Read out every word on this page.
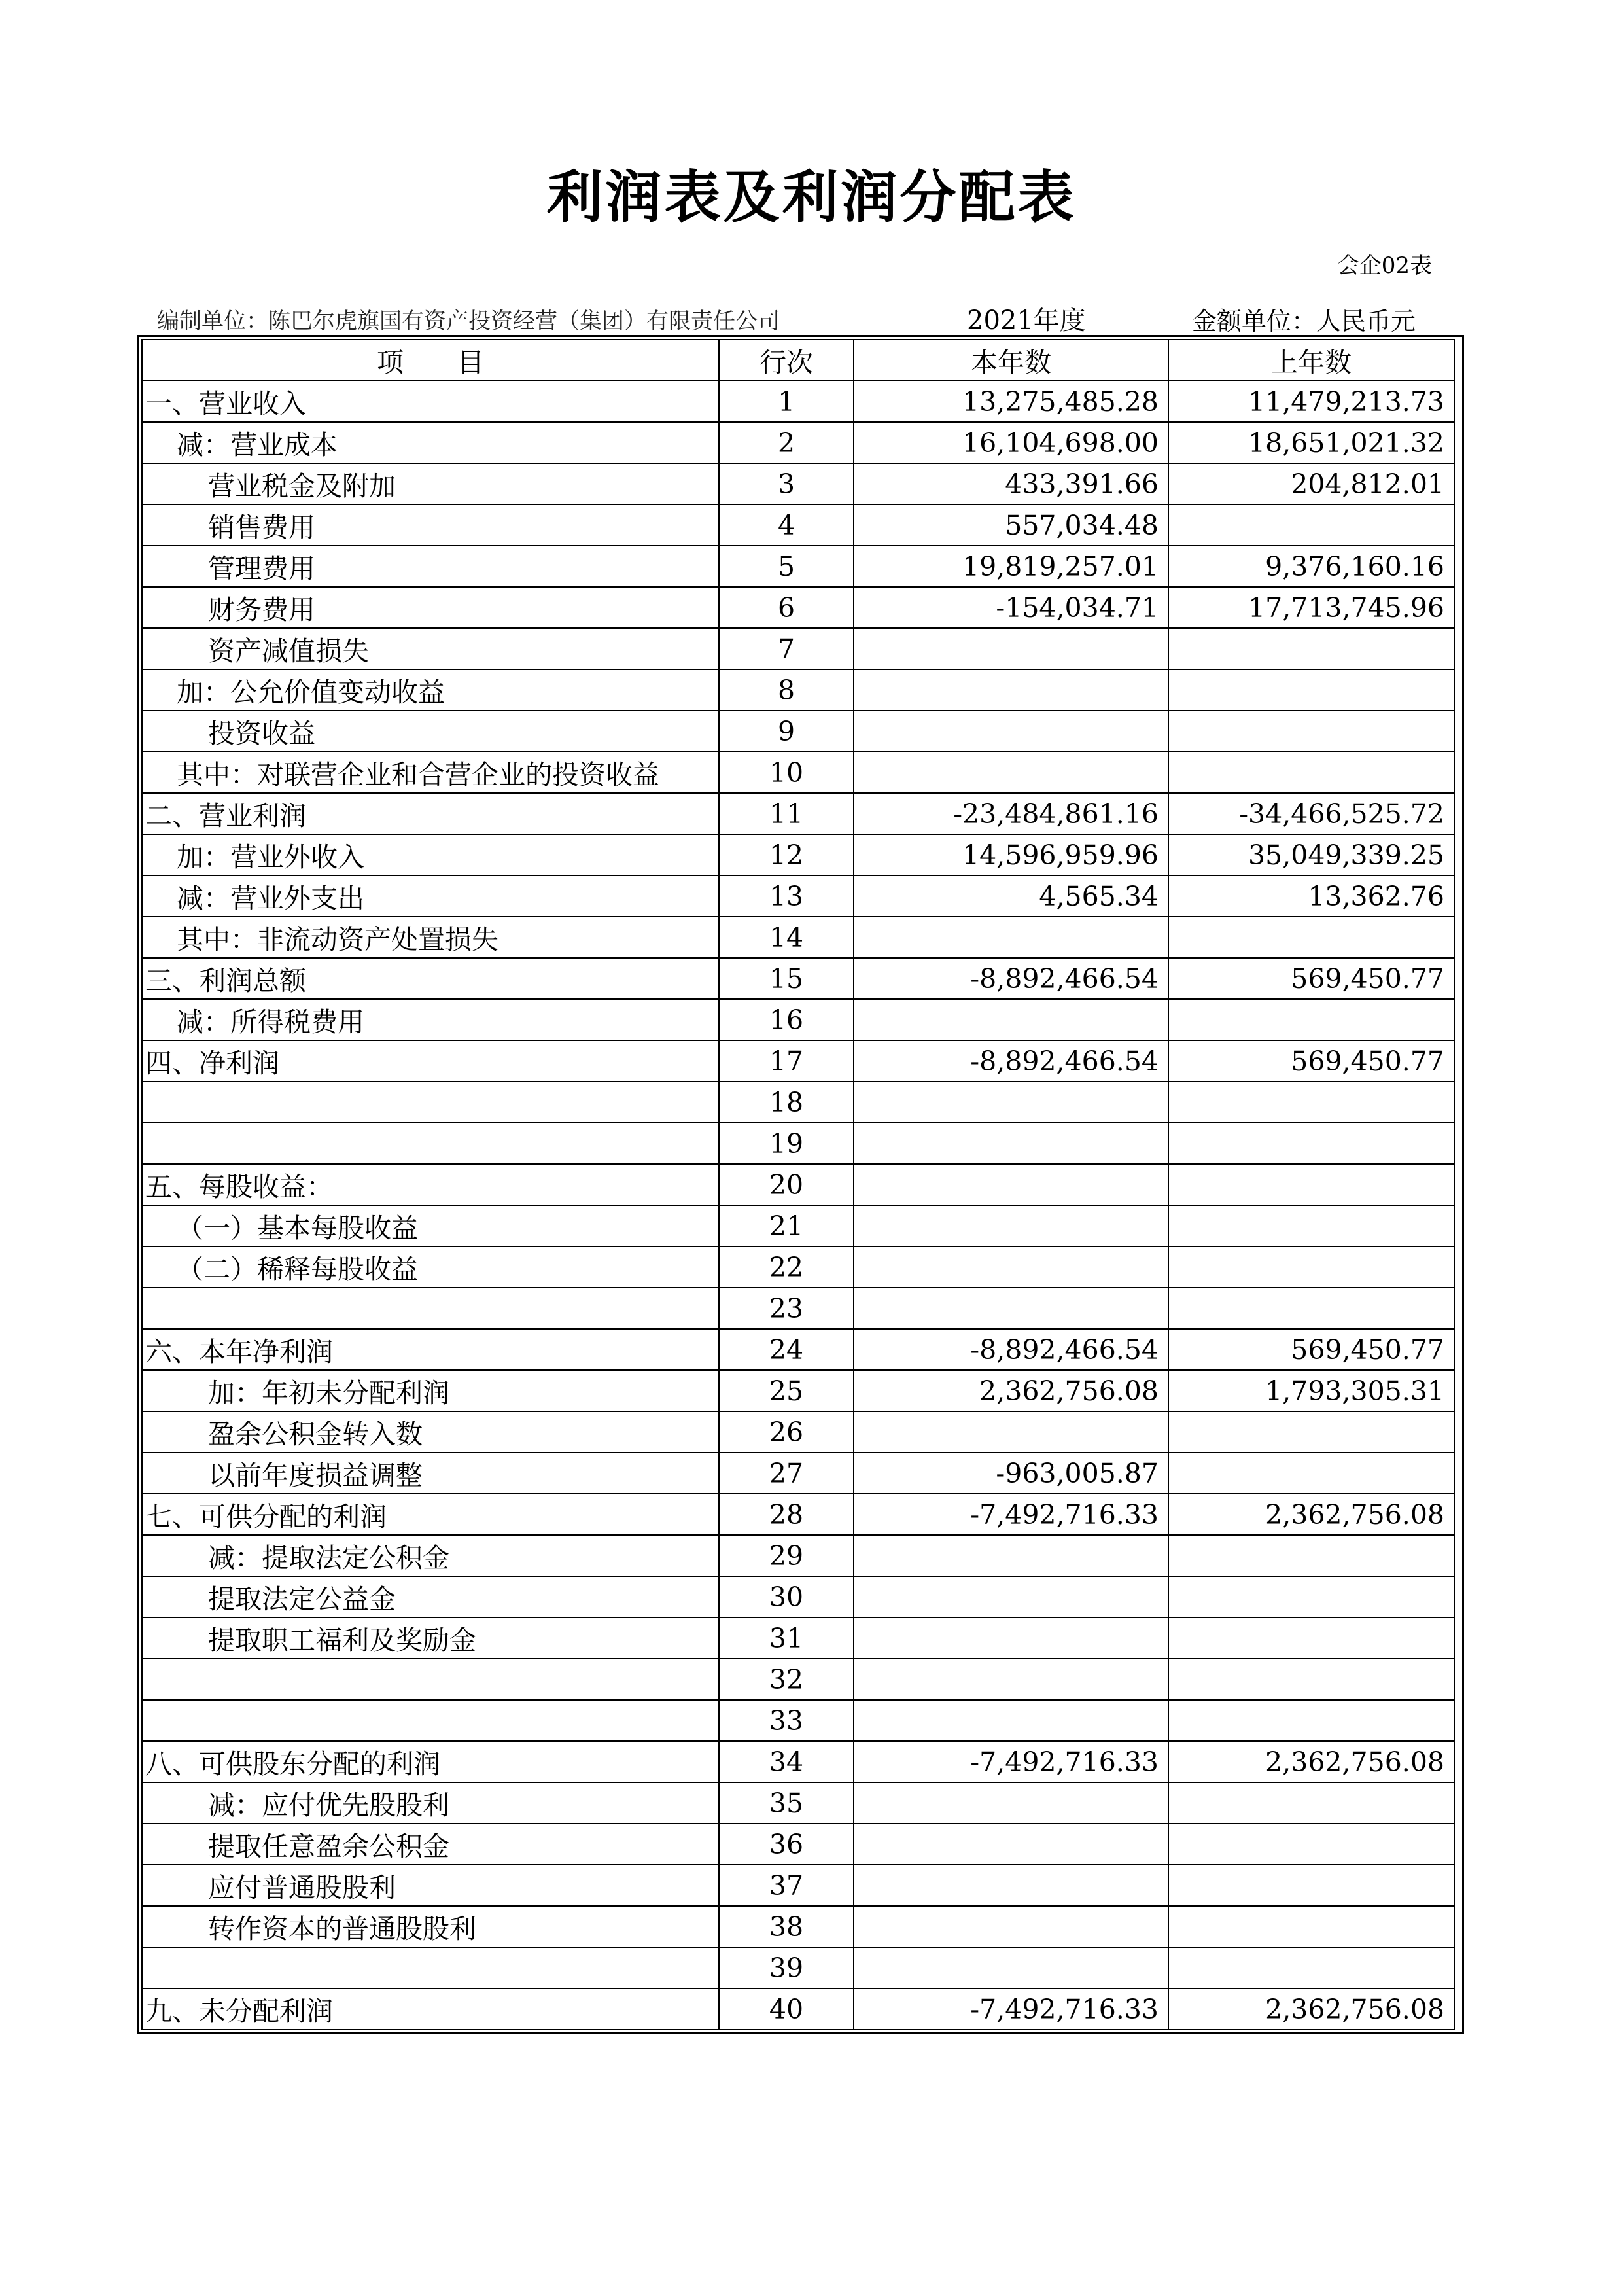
利润表及利润分配表
会企02表
编制单位：陈巴尔虎旗国有资产投资经营（集团）有限责任公司	2021年度	金额单位：人民币元
项　　目	行次	本年数	上年数
一、营业收入	1	13,275,485.28	11,479,213.73
减：营业成本	2	16,104,698.00	18,651,021.32
营业税金及附加	3	433,391.66	204,812.01
销售费用	4	557,034.48	
管理费用	5	19,819,257.01	9,376,160.16
财务费用	6	-154,034.71	17,713,745.96
资产减值损失	7		
加：公允价值变动收益	8		
投资收益	9		
其中：对联营企业和合营企业的投资收益	10		
二、营业利润	11	-23,484,861.16	-34,466,525.72
加：营业外收入	12	14,596,959.96	35,049,339.25
减：营业外支出	13	4,565.34	13,362.76
其中：非流动资产处置损失	14		
三、利润总额	15	-8,892,466.54	569,450.77
减：所得税费用	16		
四、净利润	17	-8,892,466.54	569,450.77
	18		
	19		
五、每股收益：	20		
（一）基本每股收益	21		
（二）稀释每股收益	22		
	23		
六、本年净利润	24	-8,892,466.54	569,450.77
加：年初未分配利润	25	2,362,756.08	1,793,305.31
盈余公积金转入数	26		
以前年度损益调整	27	-963,005.87	
七、可供分配的利润	28	-7,492,716.33	2,362,756.08
减：提取法定公积金	29		
提取法定公益金	30		
提取职工福利及奖励金	31		
	32		
	33		
八、可供股东分配的利润	34	-7,492,716.33	2,362,756.08
减：应付优先股股利	35		
提取任意盈余公积金	36		
应付普通股股利	37		
转作资本的普通股股利	38		
	39		
九、未分配利润	40	-7,492,716.33	2,362,756.08
